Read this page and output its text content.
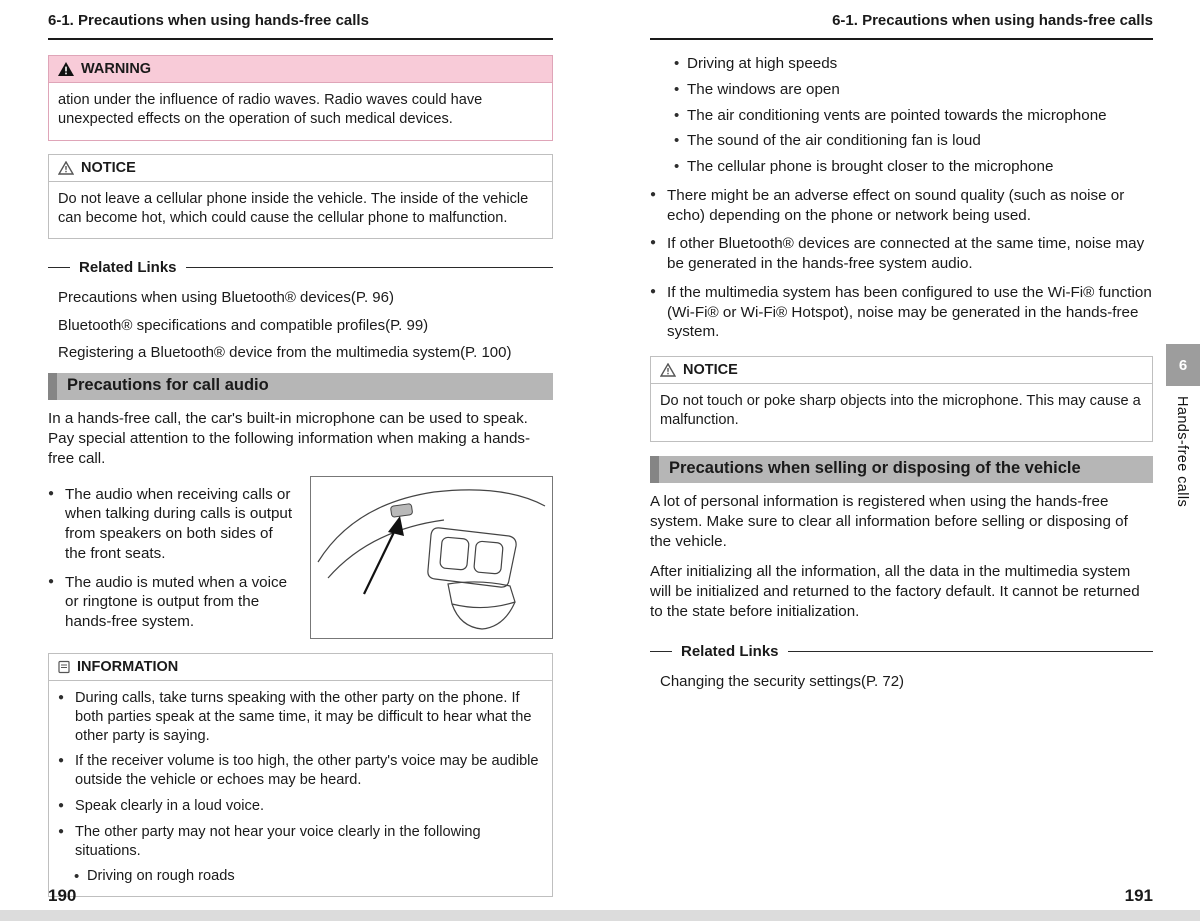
6-1. Precautions when using hands-free calls
WARNING
ation under the influence of radio waves. Radio waves could have unexpected effects on the operation of such medical devices.
NOTICE
Do not leave a cellular phone inside the vehicle. The inside of the vehicle can become hot, which could cause the cellular phone to malfunction.
Related Links
Precautions when using Bluetooth® devices(P. 96)
Bluetooth® specifications and compatible profiles(P. 99)
Registering a Bluetooth® device from the multimedia system(P. 100)
Precautions for call audio
In a hands-free call, the car's built-in microphone can be used to speak. Pay special attention to the following information when making a hands-free call.
● The audio when receiving calls or when talking during calls is output from speakers on both sides of the front seats.
● The audio is muted when a voice or ringtone is output from the hands-free system.
INFORMATION
● During calls, take turns speaking with the other party on the phone. If both parties speak at the same time, it may be difficult to hear what the other party is saying.
● If the receiver volume is too high, the other party's voice may be audible outside the vehicle or echoes may be heard.
● Speak clearly in a loud voice.
● The other party may not hear your voice clearly in the following situations.
• Driving on rough roads
6-1. Precautions when using hands-free calls
• Driving at high speeds
• The windows are open
• The air conditioning vents are pointed towards the microphone
• The sound of the air conditioning fan is loud
• The cellular phone is brought closer to the microphone
● There might be an adverse effect on sound quality (such as noise or echo) depending on the phone or network being used.
● If other Bluetooth® devices are connected at the same time, noise may be generated in the hands-free system audio.
● If the multimedia system has been configured to use the Wi-Fi® function (Wi-Fi® or Wi-Fi® Hotspot), noise may be generated in the hands-free system.
NOTICE
Do not touch or poke sharp objects into the microphone. This may cause a malfunction.
Precautions when selling or disposing of the vehicle
A lot of personal information is registered when using the hands-free system. Make sure to clear all information before selling or disposing of the vehicle.
After initializing all the information, all the data in the multimedia system will be initialized and returned to the factory default. It cannot be returned to the state before initialization.
Related Links
Changing the security settings(P. 72)
6
Hands-free calls
190	191
